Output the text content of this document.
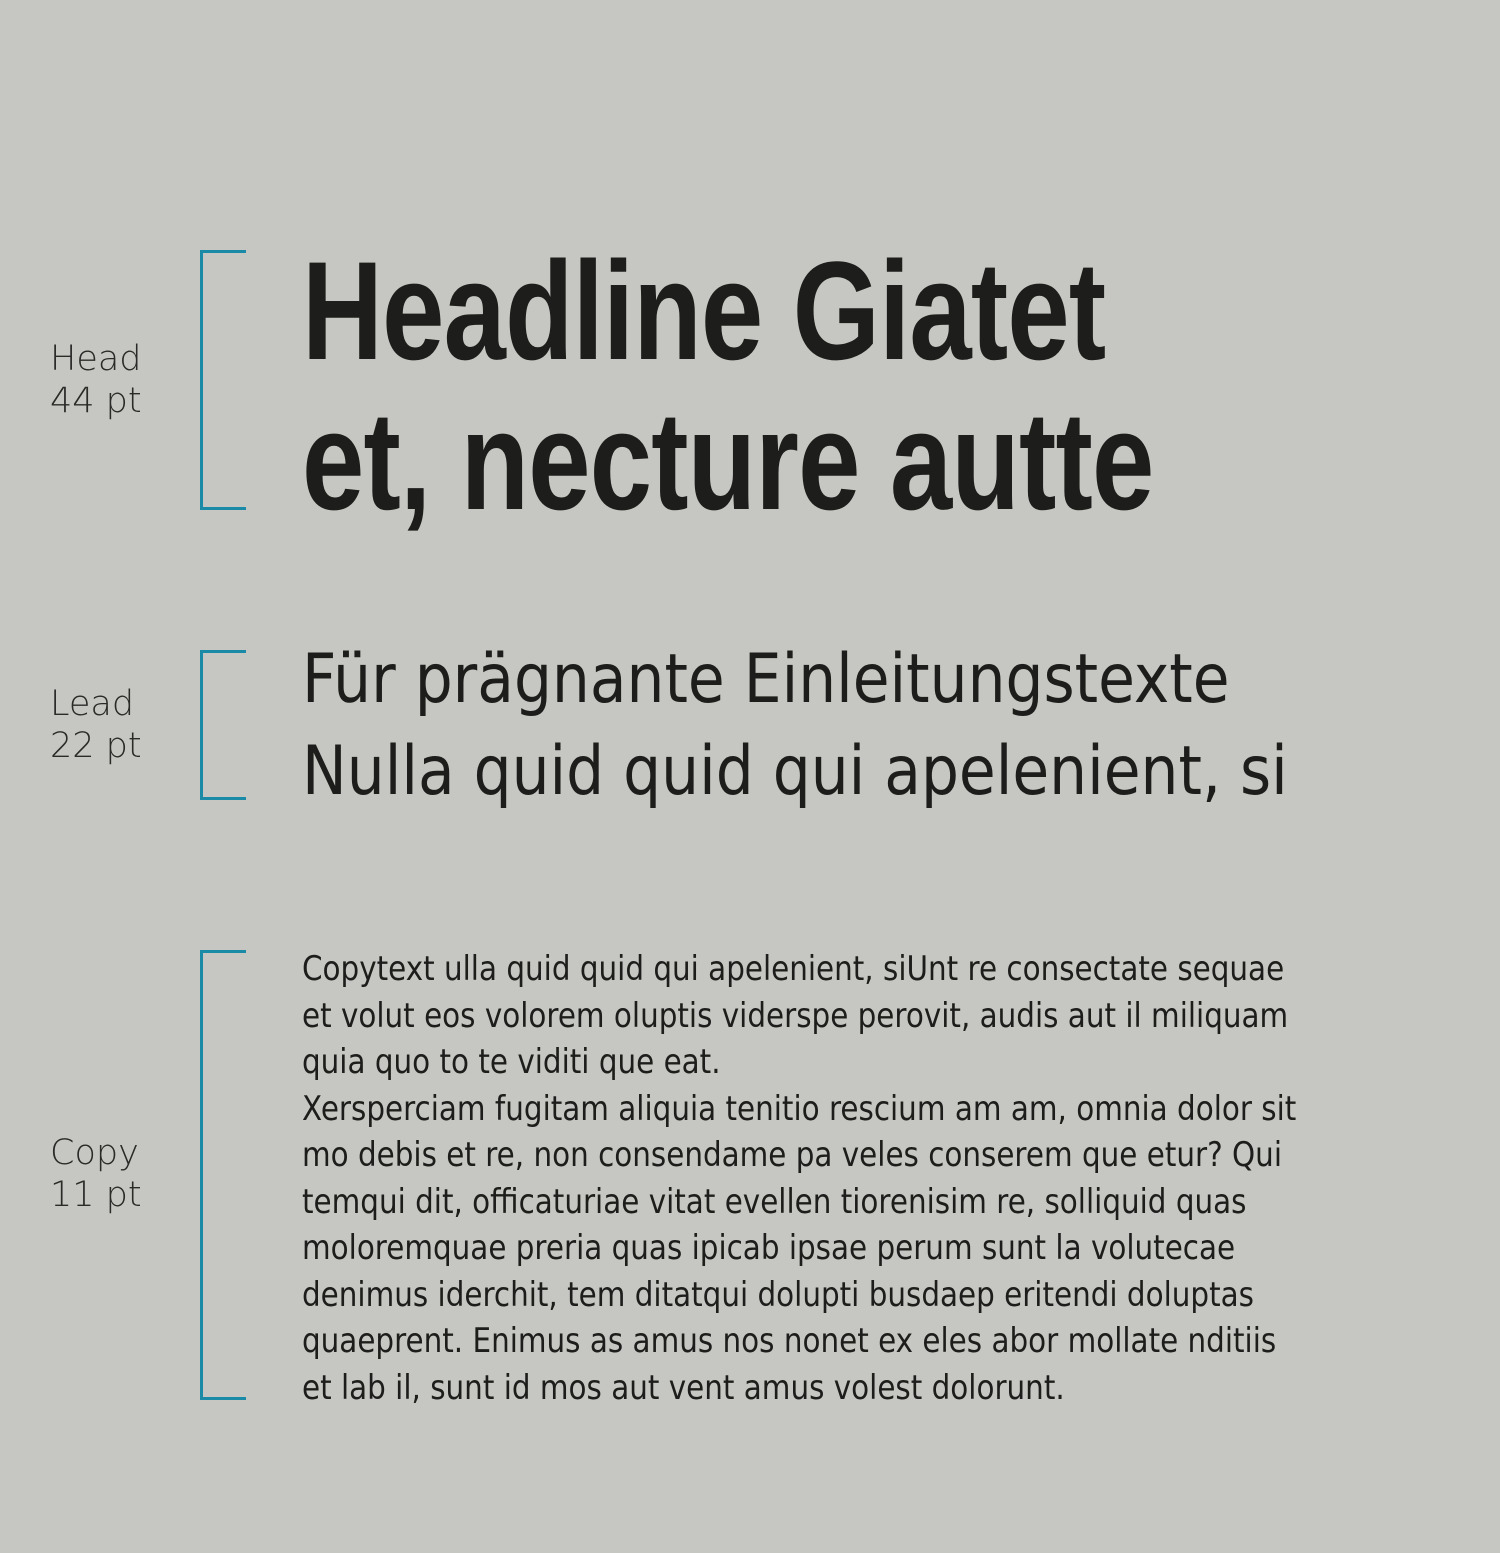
Head
44 pt
Headline Giatet
et, necture autte
Lead
22 pt
Für prägnante Einleitungstexte
Nulla quid quid qui apelenient, si
Copy
11 pt

Copytext ulla quid quid qui apelenient, siUnt re consectate sequae
et volut eos volorem oluptis viderspe perovit, audis aut il miliquam
quia quo to te viditi que eat.

Xersperciam fugitam aliquia tenitio rescium am am, omnia dolor sit
mo debis et re, non consendame pa veles conserem que etur? Qui
temqui dit, officaturiae vitat evellen tiorenisim re, solliquid quas
moloremquae preria quas ipicab ipsae perum sunt la volutecae
denimus iderchit, tem ditatqui dolupti busdaep eritendi doluptas
quaeprent. Enimus as amus nos nonet ex eles abor mollate nditiis
et lab il, sunt id mos aut vent amus volest dolorunt.
